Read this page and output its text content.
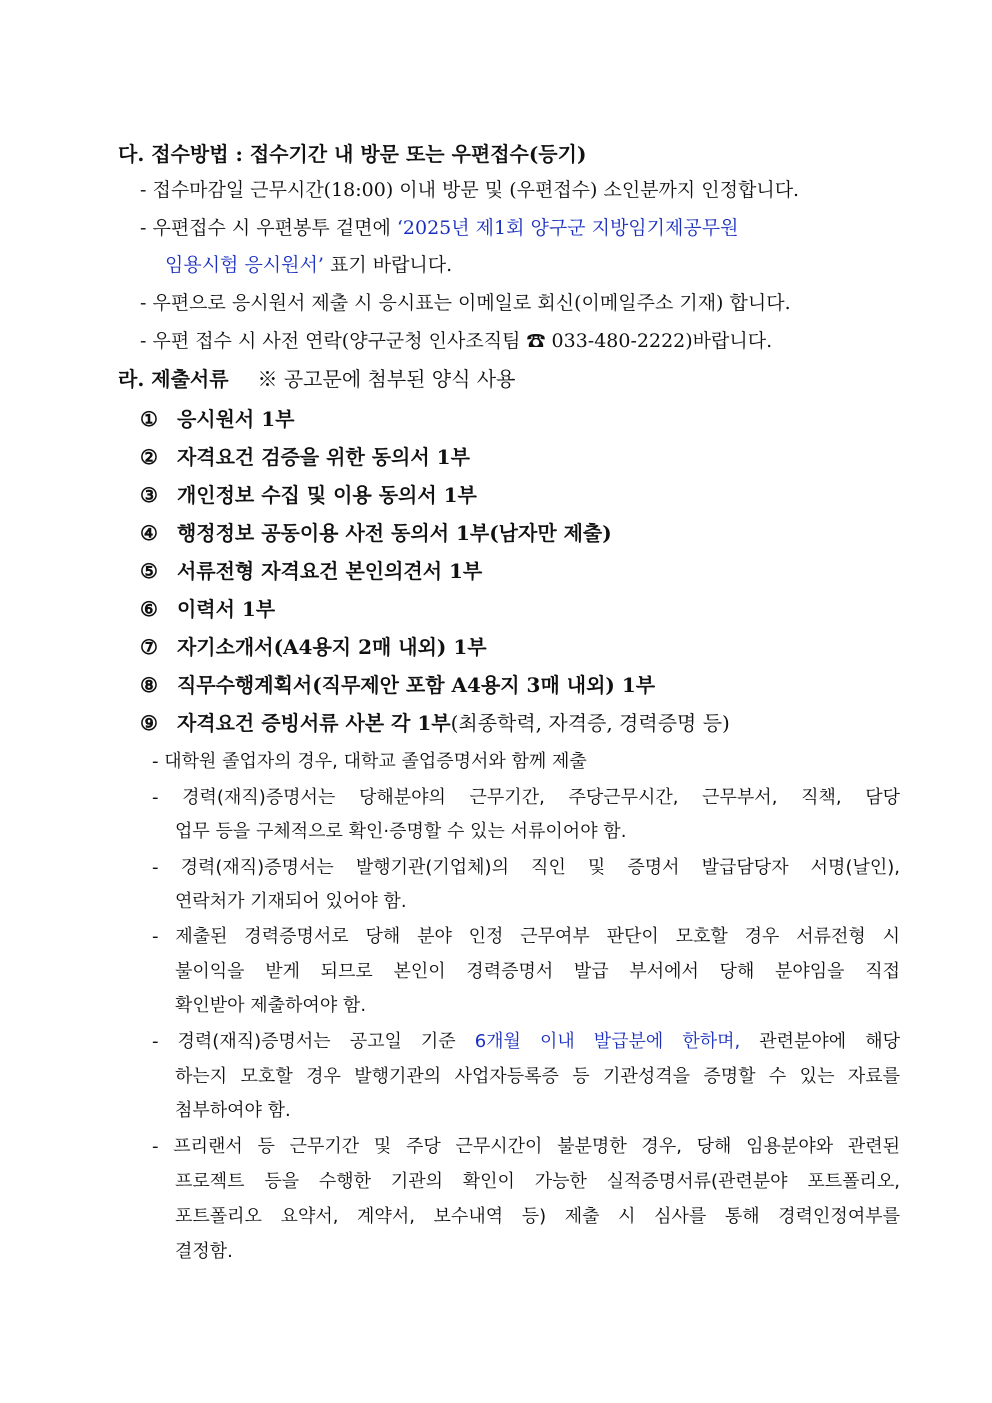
다. 접수방법 : 접수기간 내 방문 또는 우편접수(등기)
- 접수마감일 근무시간(18:00) 이내 방문 및 (우편접수) 소인분까지 인정합니다.
- 우편접수 시 우편봉투 겉면에 ‘2025년 제1회 양구군 지방임기제공무원
임용시험 응시원서’ 표기 바랍니다.
- 우편으로 응시원서 제출 시 응시표는 이메일로 회신(이메일주소 기재) 합니다.
- 우편 접수 시 사전 연락(양구군청 인사조직팀 ☎ 033-480-2222)바랍니다.
라. 제출서류 ※ 공고문에 첨부된 양식 사용
① 응시원서 1부
② 자격요건 검증을 위한 동의서 1부
③ 개인정보 수집 및 이용 동의서 1부
④ 행정정보 공동이용 사전 동의서 1부(남자만 제출)
⑤ 서류전형 자격요건 본인의견서 1부
⑥ 이력서 1부
⑦ 자기소개서(A4용지 2매 내외) 1부
⑧ 직무수행계획서(직무제안 포함 A4용지 3매 내외) 1부
⑨ 자격요건 증빙서류 사본 각 1부(최종학력, 자격증, 경력증명 등)
- 대학원 졸업자의 경우, 대학교 졸업증명서와 함께 제출
- 경력(재직)증명서는 당해분야의 근무기간, 주당근무시간, 근무부서, 직책, 담당
업무 등을 구체적으로 확인·증명할 수 있는 서류이어야 함.
- 경력(재직)증명서는 발행기관(기업체)의 직인 및 증명서 발급담당자 서명(날인),
연락처가 기재되어 있어야 함.
- 제출된 경력증명서로 당해 분야 인정 근무여부 판단이 모호할 경우 서류전형 시
불이익을 받게 되므로 본인이 경력증명서 발급 부서에서 당해 분야임을 직접
확인받아 제출하여야 함.
- 경력(재직)증명서는 공고일 기준 6개월 이내 발급분에 한하며, 관련분야에 해당
하는지 모호할 경우 발행기관의 사업자등록증 등 기관성격을 증명할 수 있는 자료를
첨부하여야 함.
- 프리랜서 등 근무기간 및 주당 근무시간이 불분명한 경우, 당해 임용분야와 관련된
프로젝트 등을 수행한 기관의 확인이 가능한 실적증명서류(관련분야 포트폴리오,
포트폴리오 요약서, 계약서, 보수내역 등) 제출 시 심사를 통해 경력인정여부를
결정함.
